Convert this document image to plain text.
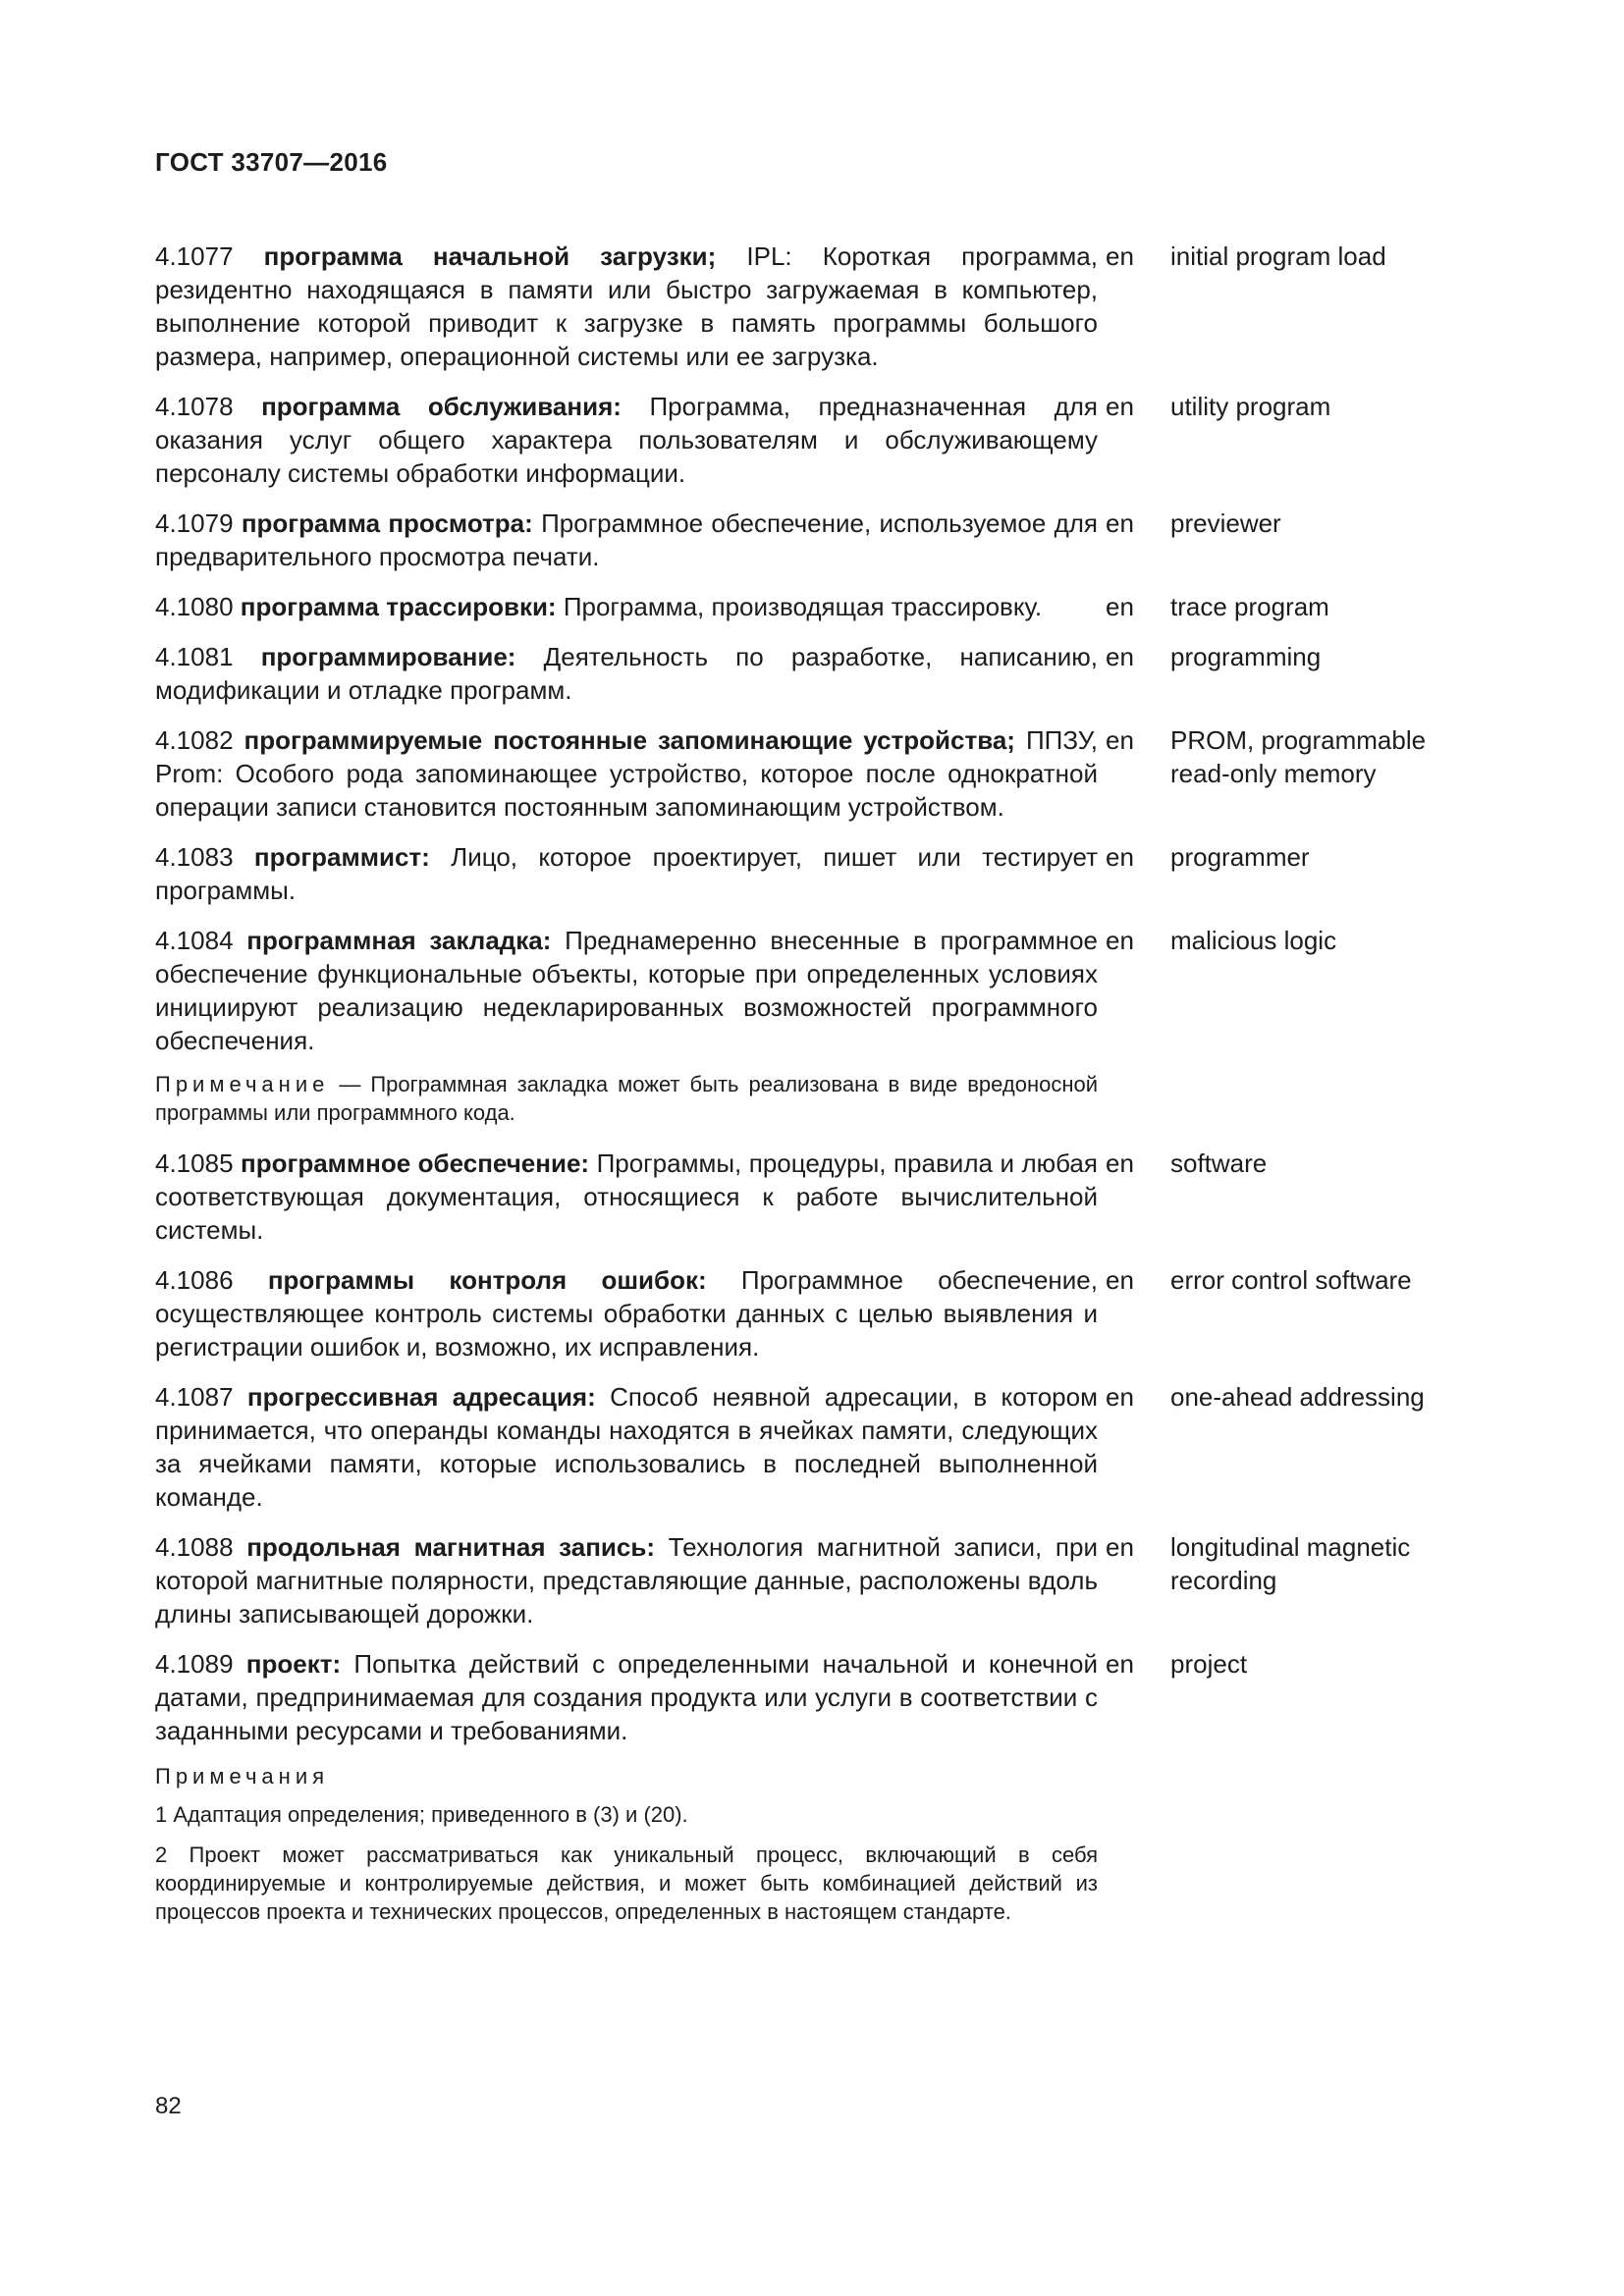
ГОСТ 33707—2016
4.1077 программа начальной загрузки; IPL: Короткая программа, резидентно находящаяся в памяти или быстро загружаемая в компьютер, выполнение которой приводит к загрузке в память программы большого размера, например, операционной системы или ее загрузка.
en	initial program load
4.1078 программа обслуживания: Программа, предназначенная для оказания услуг общего характера пользователям и обслуживающему персоналу системы обработки информации.
en	utility program
4.1079 программа просмотра: Программное обеспечение, используемое для предварительного просмотра печати.
en	previewer
4.1080 программа трассировки: Программа, производящая трассировку.	en	trace program
4.1081 программирование: Деятельность по разработке, написанию, модификации и отладке программ.
en	programming
4.1082 программируемые постоянные запоминающие устройства; ППЗУ, Prom: Особого рода запоминающее устройство, которое после однократной операции записи становится постоянным запоминающим устройством.
en	PROM, programmable read-only memory
4.1083 программист: Лицо, которое проектирует, пишет или тестирует программы.
en	programmer
4.1084 программная закладка: Преднамеренно внесенные в программное обеспечение функциональные объекты, которые при определенных условиях инициируют реализацию недекларированных возможностей программного обеспечения.
en	malicious logic
Примечание — Программная закладка может быть реализована в виде вредоносной программы или программного кода.
4.1085 программное обеспечение: Программы, процедуры, правила и любая соответствующая документация, относящиеся к работе вычислительной системы.
en	software
4.1086 программы контроля ошибок: Программное обеспечение, осуществляющее контроль системы обработки данных с целью выявления и регистрации ошибок и, возможно, их исправления.
en	error control software
4.1087 прогрессивная адресация: Способ неявной адресации, в котором принимается, что операнды команды находятся в ячейках памяти, следующих за ячейками памяти, которые использовались в последней выполненной команде.
en	one-ahead addressing
4.1088 продольная магнитная запись: Технология магнитной записи, при которой магнитные полярности, представляющие данные, расположены вдоль длины записывающей дорожки.
en	longitudinal magnetic recording
4.1089 проект: Попытка действий с определенными начальной и конечной датами, предпринимаемая для создания продукта или услуги в соответствии с заданными ресурсами и требованиями.
en	project
Примечания
1 Адаптация определения; приведенного в (3) и (20).
2 Проект может рассматриваться как уникальный процесс, включающий в себя координируемые и контролируемые действия, и может быть комбинацией действий из процессов проекта и технических процессов, определенных в настоящем стандарте.
82
